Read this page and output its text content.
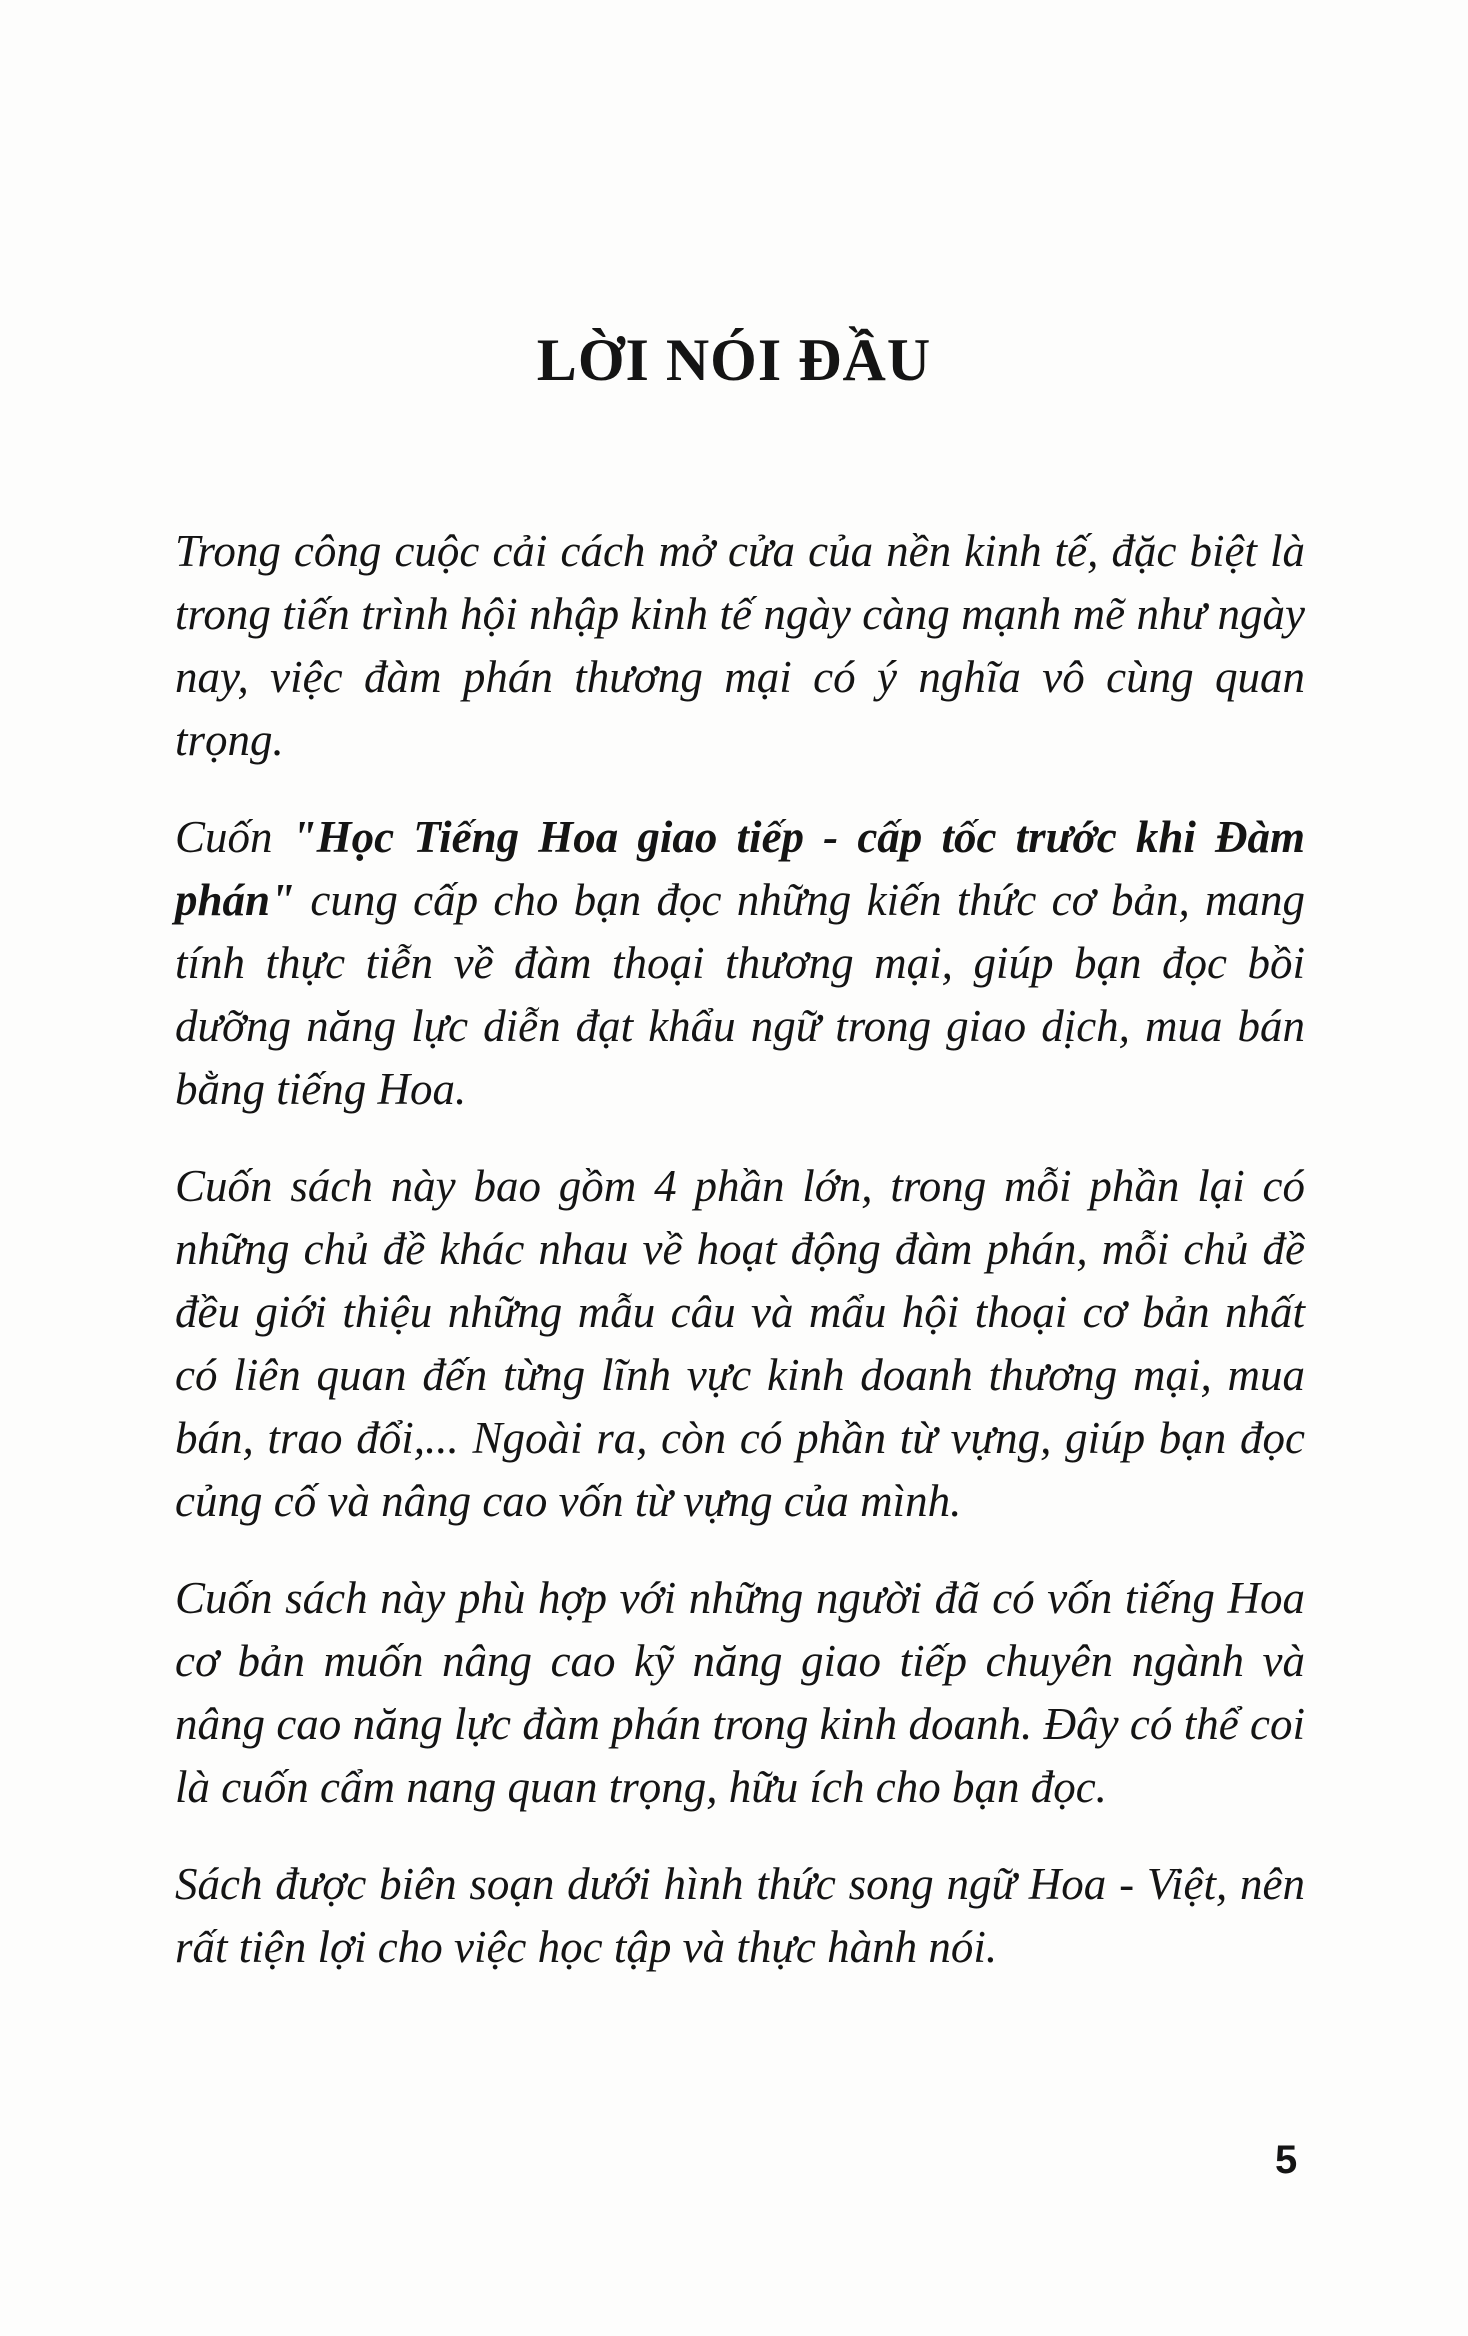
LỜI NÓI ĐẦU

Trong công cuộc cải cách mở cửa của nền kinh tế, đặc biệt là trong tiến trình hội nhập kinh tế ngày càng mạnh mẽ như ngày nay, việc đàm phán thương mại có ý nghĩa vô cùng quan trọng.

Cuốn "Học Tiếng Hoa giao tiếp - cấp tốc trước khi Đàm phán" cung cấp cho bạn đọc những kiến thức cơ bản, mang tính thực tiễn về đàm thoại thương mại, giúp bạn đọc bồi dưỡng năng lực diễn đạt khẩu ngữ trong giao dịch, mua bán bằng tiếng Hoa.

Cuốn sách này bao gồm 4 phần lớn, trong mỗi phần lại có những chủ đề khác nhau về hoạt động đàm phán, mỗi chủ đề đều giới thiệu những mẫu câu và mẩu hội thoại cơ bản nhất có liên quan đến từng lĩnh vực kinh doanh thương mại, mua bán, trao đổi,... Ngoài ra, còn có phần từ vựng, giúp bạn đọc củng cố và nâng cao vốn từ vựng của mình.

Cuốn sách này phù hợp với những người đã có vốn tiếng Hoa cơ bản muốn nâng cao kỹ năng giao tiếp chuyên ngành và nâng cao năng lực đàm phán trong kinh doanh. Đây có thể coi là cuốn cẩm nang quan trọng, hữu ích cho bạn đọc.

Sách được biên soạn dưới hình thức song ngữ Hoa - Việt, nên rất tiện lợi cho việc học tập và thực hành nói.

5
